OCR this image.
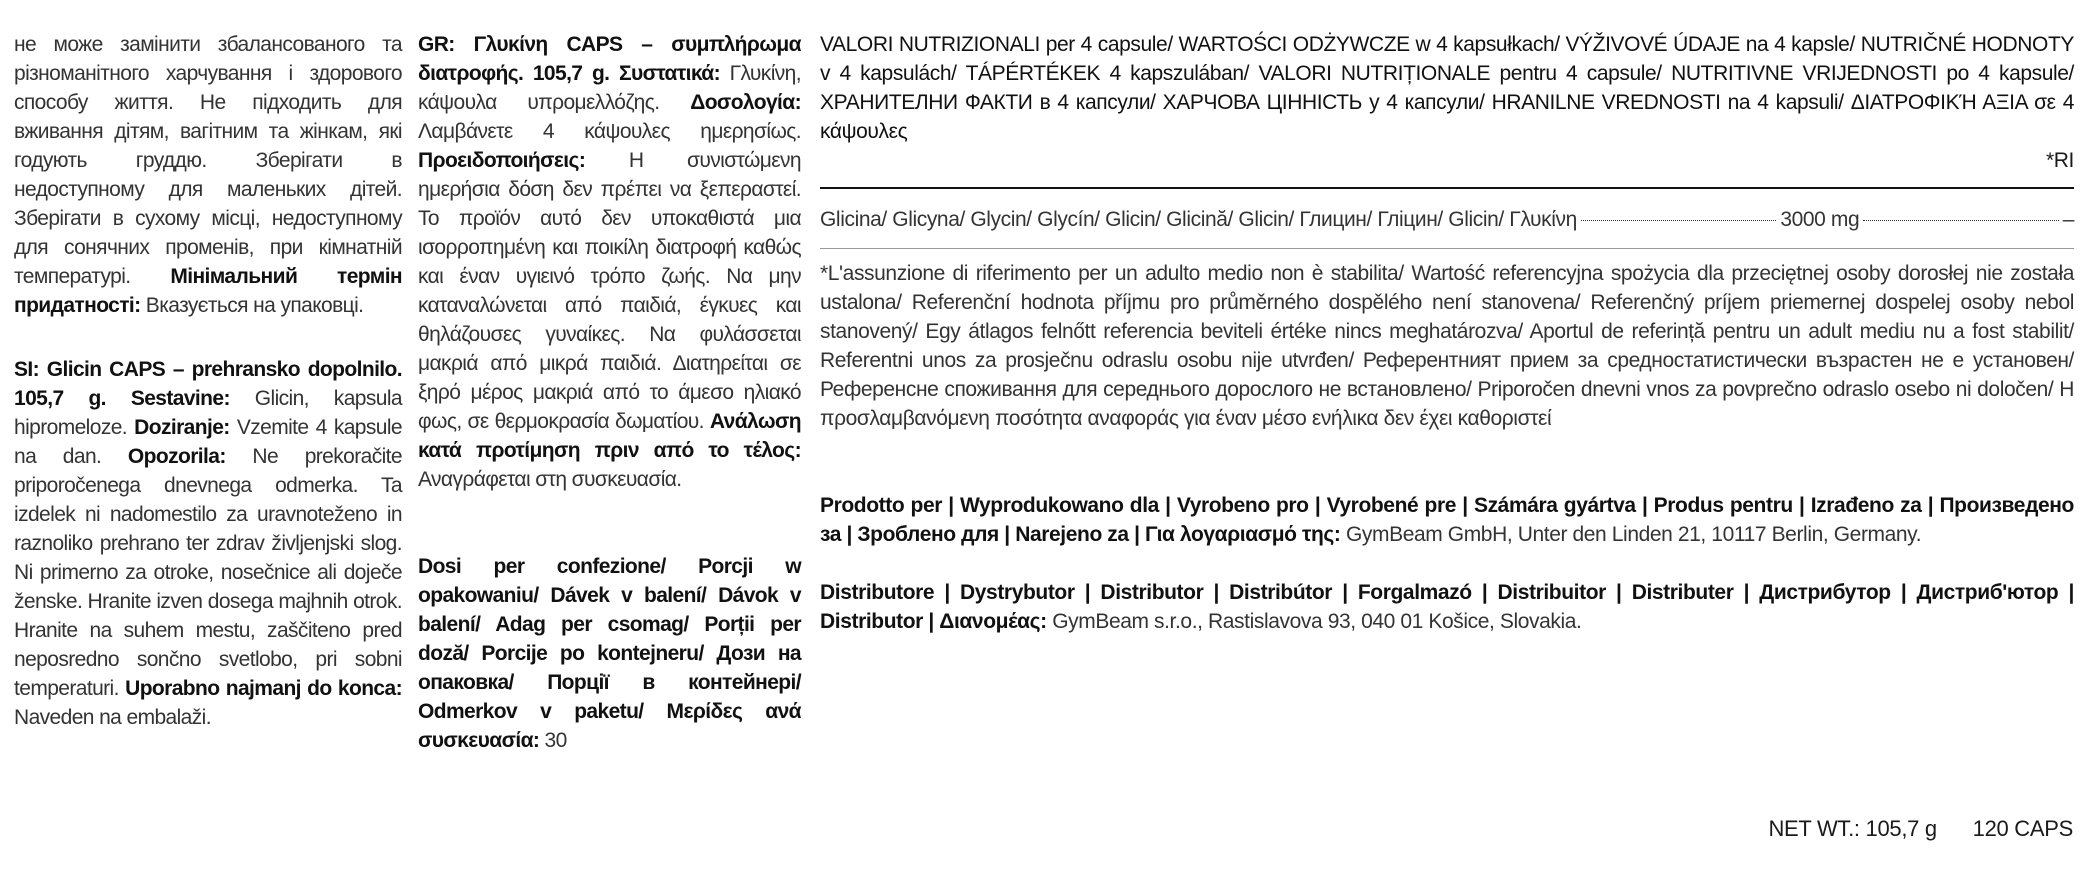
не може замінити збалансованого та різноманітного харчування і здорового способу життя. Не підходить для вживання дітям, вагітним та жінкам, які годують груддю. Зберігати в недоступному для маленьких дітей. Зберігати в сухому місці, недоступному для сонячних променів, при кімнатній температурі. Мінімальний термін придатності: Вказується на упаковці.
SI: Glicin CAPS – prehransko dopolnilo. 105,7 g. Sestavine: Glicin, kapsula hipromeloze. Doziranje: Vzemite 4 kapsule na dan. Opozorila: Ne prekoračite priporočenega dnevnega odmerka. Ta izdelek ni nadomestilo za uravnoteženo in raznoliko prehrano ter zdrav življenjski slog. Ni primerno za otroke, nosečnice ali doječe ženske. Hranite izven dosega majhnih otrok. Hranite na suhem mestu, zaščiteno pred neposredno sončno svetlobo, pri sobni temperaturi. Uporabno najmanj do konca: Naveden na embalaži.
GR: Γλυκίνη CAPS – συμπλήρωμα διατροφής. 105,7 g. Συστατικά: Γλυκίνη, κάψουλα υπρομελλόζης. Δοσολογία: Λαμβάνετε 4 κάψουλες ημερησίως. Προειδοποιήσεις: Η συνιστώμενη ημερήσια δόση δεν πρέπει να ξεπεραστεί. Το προϊόν αυτό δεν υποκαθιστά μια ισορροπημένη και ποικίλη διατροφή καθώς και έναν υγιεινό τρόπο ζωής. Να μην καταναλώνεται από παιδιά, έγκυες και θηλάζουσες γυναίκες. Να φυλάσσεται μακριά από μικρά παιδιά. Διατηρείται σε ξηρό μέρος μακριά από το άμεσο ηλιακό φως, σε θερμοκρασία δωματίου. Ανάλωση κατά προτίμηση πριν από το τέλος: Αναγράφεται στη συσκευασία.
Dosi per confezione/ Porcji w opakowaniu/ Dávek v balení/ Dávok v balení/ Adag per csomag/ Porții per doză/ Porcije po kontejneru/ Дози на опаковка/ Порції в контейнері/ Odmerkov v paketu/ Μερίδες ανά συσκευασία: 30
VALORI NUTRIZIONALI per 4 capsule/ WARTOŚCI ODŻYWCZE w 4 kapsułkach/ VÝŽIVOVÉ ÚDAJE na 4 kapsle/ NUTRIČNÉ HODNOTY v 4 kapsulách/ TÁPÉRTÉKEK 4 kapszulában/ VALORI NUTRIȚIONALE pentru 4 capsule/ NUTRITIVNE VRIJEDNOSTI po 4 kapsule/ ХРАНИТЕЛНИ ФАКТИ в 4 капсули/ ХАРЧОВА ЦІННІСТЬ у 4 капсули/ HRANILNE VREDNOSTI na 4 kapsuli/ ΔΙΑΤΡΟΦΙΚΉ ΑΞΙΑ σε 4 κάψουλες
*RI
Glicina/ Glicyna/ Glycin/ Glycín/ Glicin/ Glicină/ Glicin/ Глицин/ Гліцин/ Glicin/ Γλυκίνη	3000 mg	–
*L'assunzione di riferimento per un adulto medio non è stabilita/ Wartość referencyjna spożycia dla przeciętnej osoby dorosłej nie została ustalona/ Referenční hodnota příjmu pro průměrného dospělého není stanovena/ Referenčný príjem priemernej dospelej osoby nebol stanovený/ Egy átlagos felnőtt referencia beviteli értéke nincs meghatározva/ Aportul de referință pentru un adult mediu nu a fost stabilit/ Referentni unos za prosječnu odraslu osobu nije utvrđen/ Референтният прием за средностатистически възрастен не е установен/ Референсне споживання для середнього дорослого не встановлено/ Priporočen dnevni vnos za povprečno odraslo osebo ni določen/ Η προσλαμβανόμενη ποσότητα αναφοράς για έναν μέσο ενήλικα δεν έχει καθοριστεί
Prodotto per | Wyprodukowano dla | Vyrobeno pro | Vyrobené pre | Számára gyártva | Produs pentru | Izrađeno za | Произведено за | Зроблено для | Narejeno za | Για λογαριασμό της: GymBeam GmbH, Unter den Linden 21, 10117 Berlin, Germany.
Distributore | Dystrybutor | Distributor | Distribútor | Forgalmazó | Distribuitor | Distributer | Дистрибутор | Дистриб'ютор | Distributor | Διανομέας: GymBeam s.r.o., Rastislavova 93, 040 01 Košice, Slovakia.
NET WT.: 105,7 g 120 CAPS
